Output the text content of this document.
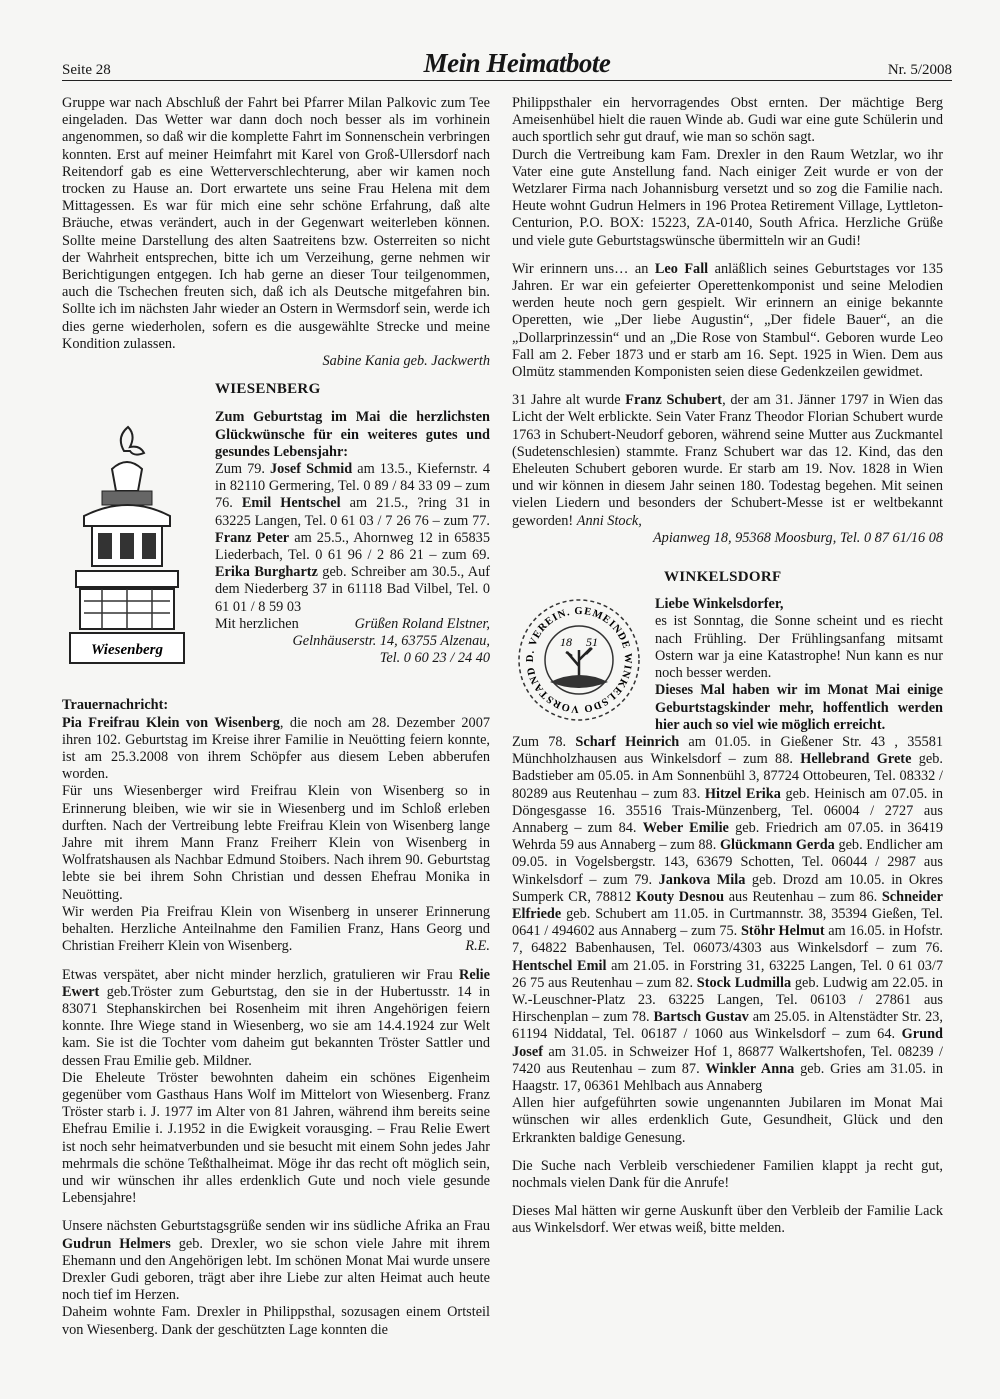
Seite 28	Mein Heimatbote	Nr. 5/2008

Gruppe war nach Abschluß der Fahrt bei Pfarrer Milan Palkovic zum Tee eingeladen. Das Wetter war dann doch noch besser als im vorhinein angenommen, so daß wir die komplette Fahrt im Sonnenschein verbringen konnten. Erst auf meiner Heimfahrt mit Karel von Groß-Ullersdorf nach Reitendorf gab es eine Wetterverschlechterung, aber wir kamen noch trocken zu Hause an. Dort erwartete uns seine Frau Helena mit dem Mittagessen. Es war für mich eine sehr schöne Erfahrung, daß alte Bräuche, etwas verändert, auch in der Gegenwart weiterleben können. Sollte meine Darstellung des alten Saatreitens bzw. Osterreiten so nicht der Wahrheit entsprechen, bitte ich um Verzeihung, gerne nehmen wir Berichtigungen entgegen. Ich hab gerne an dieser Tour teilgenommen, auch die Tschechen freuten sich, daß ich als Deutsche mitgefahren bin. Sollte ich im nächsten Jahr wieder an Ostern in Wermsdorf sein, werde ich dies gerne wiederholen, sofern es die ausgewählte Strecke und meine Kondition zulassen.

Sabine Kania geb. Jackwerth

Wiesenberg
WIESENBERG

Zum Geburtstag im Mai die herzlichsten Glückwünsche für ein weiteres gutes und gesundes Lebensjahr:

Zum 79. Josef Schmid am 13.5., Kiefernstr. 4 in 82110 Germering, Tel. 0 89 / 84 33 09 – zum 76. Emil Hentschel am 21.5., ?ring 31 in 63225 Langen, Tel. 0 61 03 / 7 26 76 – zum 77. Franz Peter am 25.5., Ahornweg 12 in 65835 Liederbach, Tel. 0 61 96 / 2 86 21 – zum 69. Erika Burghartz geb. Schreiber am 30.5., Auf dem Niederberg 37 in 61118 Bad Vilbel, Tel. 0 61 01 / 8 59 03

Mit herzlichen	Grüßen Roland Elstner,

Gelnhäuserstr. 14, 63755 Alzenau,

Tel. 0 60 23 / 24 40

Trauernachricht:

Pia Freifrau Klein von Wisenberg, die noch am 28. Dezember 2007 ihren 102. Geburtstag im Kreise ihrer Familie in Neuötting feiern konnte, ist am 25.3.2008 von ihrem Schöpfer aus diesem Leben abberufen worden.

Für uns Wiesenberger wird Freifrau Klein von Wisenberg so in Erinnerung bleiben, wie wir sie in Wiesenberg und im Schloß erleben durften. Nach der Vertreibung lebte Freifrau Klein von Wisenberg lange Jahre mit ihrem Mann Franz Freiherr Klein von Wisenberg in Wolfratshausen als Nachbar Edmund Stoibers. Nach ihrem 90. Geburtstag lebte sie bei ihrem Sohn Christian und dessen Ehefrau Monika in Neuötting.

Wir werden Pia Freifrau Klein von Wisenberg in unserer Erinnerung behalten. Herzliche Anteilnahme den Familien Franz, Hans Georg und Christian Freiherr Klein von Wisenberg.	R.E.

Etwas verspätet, aber nicht minder herzlich, gratulieren wir Frau Relie Ewert geb.Tröster zum Geburtstag, den sie in der Hubertusstr. 14 in 83071 Stephanskirchen bei Rosenheim mit ihren Angehörigen feiern konnte. Ihre Wiege stand in Wiesenberg, wo sie am 14.4.1924 zur Welt kam. Sie ist die Tochter vom daheim gut bekannten Tröster Sattler und dessen Frau Emilie geb. Mildner.

Die Eheleute Tröster bewohnten daheim ein schönes Eigenheim gegenüber vom Gasthaus Hans Wolf im Mittelort von Wiesenberg. Franz Tröster starb i. J. 1977 im Alter von 81 Jahren, während ihm bereits seine Ehefrau Emilie i. J.1952 in die Ewigkeit vorausging. – Frau Relie Ewert ist noch sehr heimatverbunden und sie besucht mit einem Sohn jedes Jahr mehrmals die schöne Teßthalheimat. Möge ihr das recht oft möglich sein, und wir wünschen ihr alles erdenklich Gute und noch viele gesunde Lebensjahre!

Unsere nächsten Geburtstagsgrüße senden wir ins südliche Afrika an Frau Gudrun Helmers geb. Drexler, wo sie schon viele Jahre mit ihrem Ehemann und den Angehörigen lebt. Im schönen Monat Mai wurde unsere Drexler Gudi geboren, trägt aber ihre Liebe zur alten Heimat auch heute noch tief im Herzen.

Daheim wohnte Fam. Drexler in Philippsthal, sozusagen einem Ortsteil von Wiesenberg. Dank der geschützten Lage konnten die

Philippsthaler ein hervorragendes Obst ernten. Der mächtige Berg Ameisenhübel hielt die rauen Winde ab. Gudi war eine gute Schülerin und auch sportlich sehr gut drauf, wie man so schön sagt.

Durch die Vertreibung kam Fam. Drexler in den Raum Wetzlar, wo ihr Vater eine gute Anstellung fand. Nach einiger Zeit wurde er von der Wetzlarer Firma nach Johannisburg versetzt und so zog die Familie nach. Heute wohnt Gudrun Helmers in 196 Protea Retirement Village, Lyttleton-Centurion, P.O. BOX: 15223, ZA-0140, South Africa. Herzliche Grüße und viele gute Geburtstagswünsche übermitteln wir an Gudi!

Wir erinnern uns… an Leo Fall anläßlich seines Geburtstages vor 135 Jahren. Er war ein gefeierter Operettenkomponist und seine Melodien werden heute noch gern gespielt. Wir erinnern an einige bekannte Operetten, wie „Der liebe Augustin“, „Der fidele Bauer“, an die „Dollarprinzessin“ und an „Die Rose von Stambul“. Geboren wurde Leo Fall am 2. Feber 1873 und er starb am 16. Sept. 1925 in Wien. Dem aus Olmütz stammenden Komponisten seien diese Gedenkzeilen gewidmet.

31 Jahre alt wurde Franz Schubert, der am 31. Jänner 1797 in Wien das Licht der Welt erblickte. Sein Vater Franz Theodor Florian Schubert wurde 1763 in Schubert-Neudorf geboren, während seine Mutter aus Zuckmantel (Sudetenschlesien) stammte. Franz Schubert war das 12. Kind, das den Eheleuten Schubert geboren wurde. Er starb am 19. Nov. 1828 in Wien und wir können in diesem Jahr seinen 180. Todestag begehen. Mit seinen vielen Liedern und besonders der Schubert-Messe ist er weltbekannt geworden! Anni Stock,

Apianweg 18, 95368 Moosburg, Tel. 0 87 61/16 08

WINKELSDORF
VORSTAND D. VEREIN. GEMEINDE WINKELSDO
18 51

Liebe Winkelsdorfer,

es ist Sonntag, die Sonne scheint und es riecht nach Frühling. Der Frühlingsanfang mitsamt Ostern war ja eine Katastrophe! Nun kann es nur noch besser werden.

Dieses Mal haben wir im Monat Mai einige Geburtstagskinder mehr, hoffentlich werden hier auch so viel wie möglich erreicht.

Zum 78. Scharf Heinrich am 01.05. in Gießener Str. 43 , 35581 Münchholzhausen aus Winkelsdorf – zum 88. Hellebrand Grete geb. Badstieber am 05.05. in Am Sonnenbühl 3, 87724 Ottobeuren, Tel. 08332 / 80289 aus Reutenhau – zum 83. Hitzel Erika geb. Heinisch am 07.05. in Döngesgasse 16. 35516 Trais-Münzenberg, Tel. 06004 / 2727 aus Annaberg – zum 84. Weber Emilie geb. Friedrich am 07.05. in 36419 Wehrda 59 aus Annaberg – zum 88. Glückmann Gerda geb. Endlicher am 09.05. in Vogelsbergstr. 143, 63679 Schotten, Tel. 06044 / 2987 aus Winkelsdorf – zum 79. Jankova Mila geb. Drozd am 10.05. in Okres Sumperk CR, 78812 Kouty Desnou aus Reutenhau – zum 86. Schneider Elfriede geb. Schubert am 11.05. in Curtmannstr. 38, 35394 Gießen, Tel. 0641 / 494602 aus Annaberg – zum 75. Stöhr Helmut am 16.05. in Hofstr. 7, 64822 Babenhausen, Tel. 06073/4303 aus Winkelsdorf – zum 76. Hentschel Emil am 21.05. in Forstring 31, 63225 Langen, Tel. 0 61 03/7 26 75 aus Reutenhau – zum 82. Stock Ludmilla geb. Ludwig am 22.05. in W.-Leuschner-Platz 23. 63225 Langen, Tel. 06103 / 27861 aus Hirschenplan – zum 78. Bartsch Gustav am 25.05. in Altenstädter Str. 23, 61194 Niddatal, Tel. 06187 / 1060 aus Winkelsdorf – zum 64. Grund Josef am 31.05. in Schweizer Hof 1, 86877 Walkertshofen, Tel. 08239 / 7420 aus Reutenhau – zum 87. Winkler Anna geb. Gries am 31.05. in Haagstr. 17, 06361 Mehlbach aus Annaberg

Allen hier aufgeführten sowie ungenannten Jubilaren im Monat Mai wünschen wir alles erdenklich Gute, Gesundheit, Glück und den Erkrankten baldige Genesung.

Die Suche nach Verbleib verschiedener Familien klappt ja recht gut, nochmals vielen Dank für die Anrufe!

Dieses Mal hätten wir gerne Auskunft über den Verbleib der Familie Lack aus Winkelsdorf. Wer etwas weiß, bitte melden.
